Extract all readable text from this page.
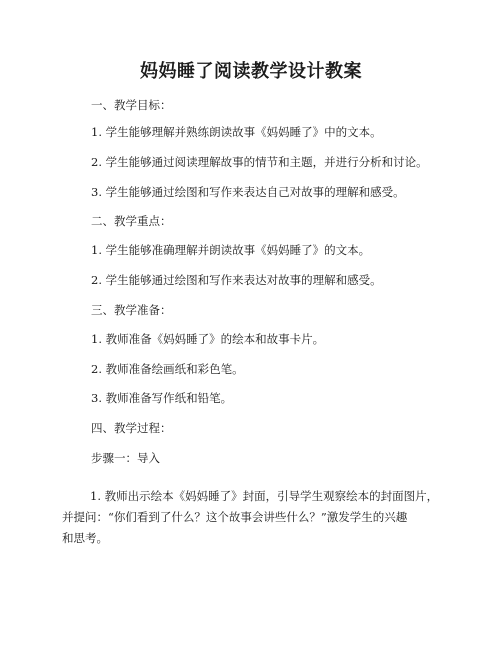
妈妈睡了阅读教学设计教案
一、教学目标：
1. 学生能够理解并熟练朗读故事《妈妈睡了》中的文本。
2. 学生能够通过阅读理解故事的情节和主题，并进行分析和讨论。
3. 学生能够通过绘图和写作来表达自己对故事的理解和感受。
二、教学重点：
1. 学生能够准确理解并朗读故事《妈妈睡了》的文本。
2. 学生能够通过绘图和写作来表达对故事的理解和感受。
三、教学准备：
1. 教师准备《妈妈睡了》的绘本和故事卡片。
2. 教师准备绘画纸和彩色笔。
3. 教师准备写作纸和铅笔。
四、教学过程：
步骤一：导入
1. 教师出示绘本《妈妈睡了》封面，引导学生观察绘本的封面图片，
并提问：“你们看到了什么？这个故事会讲些什么？”激发学生的兴趣
和思考。
